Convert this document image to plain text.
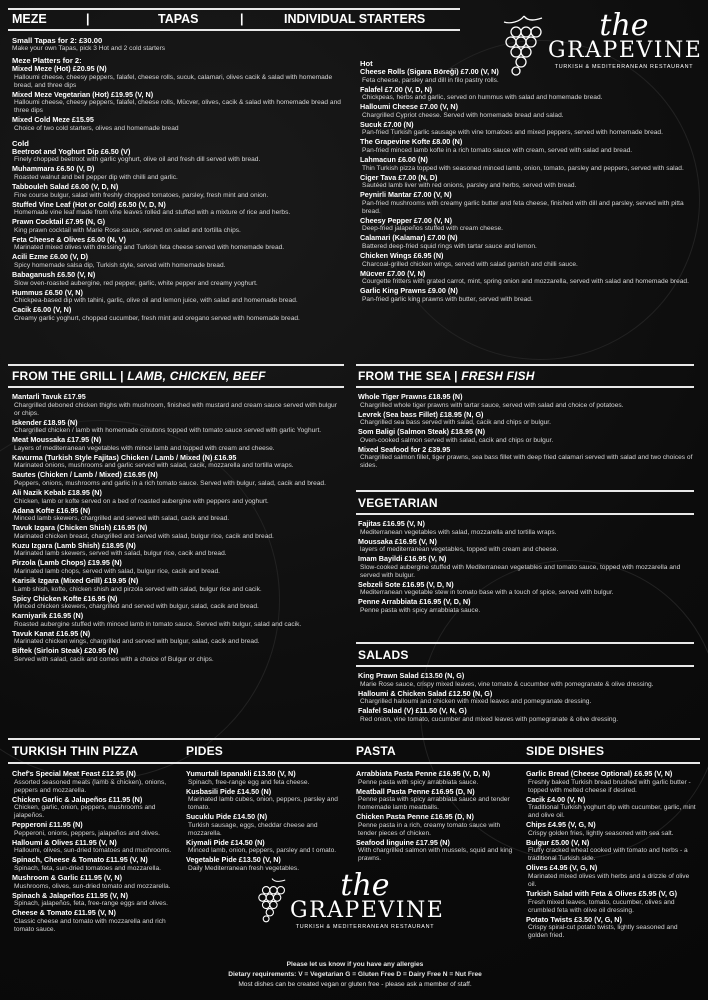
MEZE	|	TAPAS	|	INDIVIDUAL STARTERS	the
GRAPEVINE
TURKISH & MEDITERRANEAN RESTAURANT
Small Tapas for 2: £30.00
Make your own Tapas, pick 3 Hot and 2 cold starters
Meze Platters for 2:
Mixed Meze (Hot) £20.95 (N)
Halloumi cheese, cheesy peppers, falafel, cheese rolls, sucuk, calamari, olives cacik & salad with homemade bread, and three dips
Mixed Meze Vegetarian (Hot) £19.95 (V, N)
Halloumi cheese, cheesy peppers, falafel, cheese rolls, Mücver, olives, cacik & salad with homemade bread and three dips
Mixed Cold Meze £15.95
Choice of two cold starters, olives and homemade bread
Cold
Beetroot and Yoghurt Dip £6.50 (V)
Finely chopped beetroot with garlic yoghurt, olive oil and fresh dill served with bread.
Muhammara £6.50 (V, D)
Roasted walnut and bell pepper dip with chilli and garlic.
Tabbouleh Salad £6.00 (V, D, N)
Fine course bulgur, salad with freshly chopped tomatoes, parsley, fresh mint and onion.
Stuffed Vine Leaf (Hot or Cold) £6.50 (V, D, N)
Homemade vine leaf made from vine leaves rolled and stuffed with a mixture of rice and herbs.
Prawn Cocktail £7.95 (N, G)
King prawn cocktail with Marie Rose sauce, served on salad and tortilla chips.
Feta Cheese & Olives £6.00 (N, V)
Marinated mixed olives with dressing and Turkish feta cheese served with homemade bread.
Acili Ezme £6.00 (V, D)
Spicy homemade salsa dip, Turkish style, served with homemade bread.
Babaganush £6.50 (V, N)
Slow oven-roasted aubergine, red pepper, garlic, white pepper and creamy yoghurt.
Hummus £6.50 (V, N)
Chickpea-based dip with tahini, garlic, olive oil and lemon juice, with salad and homemade bread.
Cacik £6.00 (V, N)
Creamy garlic yoghurt, chopped cucumber, fresh mint and oregano served with homemade bread.
Hot
Cheese Rolls (Sigara Böreği) £7.00 (V, N)
Feta cheese, parsley and dill in filo pastry rolls.
Falafel £7.00 (V, D, N)
Chickpeas, herbs and garlic, served on hummus with salad and homemade bread.
Halloumi Cheese £7.00 (V, N)
Chargrilled Cypriot cheese. Served with homemade bread and salad.
Sucuk £7.00 (N)
Pan-fried Turkish garlic sausage with vine tomatoes and mixed peppers, served with homemade bread.
The Grapevine Kofte £8.00 (N)
Pan-fried minced lamb kofte in a rich tomato sauce with cream, served with salad and bread.
Lahmacun £6.00 (N)
Thin Turkish pizza topped with seasoned minced lamb, onion, tomato, parsley and peppers, served with salad.
Ciger Tava £7.00 (N, D)
Sautéed lamb liver with red onions, parsley and herbs, served with bread.
Peynirli Mantar £7.00 (V, N)
Pan-fried mushrooms with creamy garlic butter and feta cheese, finished with dill and parsley, served with pitta bread.
Cheesy Pepper £7.00 (V, N)
Deep-fried jalapeños stuffed with cream cheese.
Calamari (Kalamar) £7.00 (N)
Battered deep-fried squid rings with tartar sauce and lemon.
Chicken Wings £6.95 (N)
Charcoal-grilled chicken wings, served with salad garnish and chilli sauce.
Mücver £7.00 (V, N)
Courgette fritters with grated carrot, mint, spring onion and mozzarella, served with salad and homemade bread.
Garlic King Prawns £9.00 (N)
Pan-fried garlic king prawns with butter, served with bread.
FROM THE GRILL | LAMB, CHICKEN, BEEF
Mantarli Tavuk £17.95
Chargrilled deboned chicken thighs with mushroom, finished with mustard and cream sauce served with bulgur or chips.
Iskender £18.95 (N)
Chargrilled chicken / lamb with homemade croutons topped with tomato sauce served with garlic Yoghurt.
Meat Moussaka £17.95 (N)
Layers of mediterranean vegetables with mince lamb and topped with cream and cheese.
Kavurma (Turkish Style Fajitas) Chicken / Lamb / Mixed (N) £16.95
Marinated onions, mushrooms and garlic served with salad, cacik, mozzarella and tortilla wraps.
Sautes (Chicken / Lamb / Mixed) £16.95 (N)
Peppers, onions, mushrooms and garlic in a rich tomato sauce. Served with bulgur, salad, cacik and bread.
Ali Nazik Kebab £18.95 (N)
Chicken, lamb or kofte served on a bed of roasted aubergine with peppers and yoghurt.
Adana Kofte £16.95 (N)
Minced lamb skewers, chargrilled and served with salad, cacik and bread.
Tavuk Izgara (Chicken Shish) £16.95 (N)
Marinated chicken breast, chargrilled and served with salad, bulgur rice, cacik and bread.
Kuzu Izgara (Lamb Shish) £18.95 (N)
Marinated lamb skewers, served with salad, bulgur rice, cacik and bread.
Pirzola (Lamb Chops) £19.95 (N)
Marinated lamb chops, served with salad, bulgur rice, cacik and bread.
Karisik Izgara (Mixed Grill) £19.95 (N)
Lamb shish, kofte, chicken shish and pirzola served with salad, bulgur rice and cacik.
Spicy Chicken Kofte £16.95 (N)
Minced chicken skewers, chargrilled and served with bulgur, salad, cacik and bread.
Karniyarik £16.95 (N)
Roasted aubergine stuffed with minced lamb in tomato sauce. Served with bulgur, salad and cacik.
Tavuk Kanat £16.95 (N)
Marinated chicken wings, chargrilled and served with bulgur, salad, cacik and bread.
Biftek (Sirloin Steak) £20.95 (N)
Served with salad, cacik and comes with a choice of Bulgur or chips.
FROM THE SEA | FRESH FISH
Whole Tiger Prawns £18.95 (N)
Chargrilled whole tiger prawns with tartar sauce, served with salad and choice of potatoes.
Levrek (Sea bass Fillet) £18.95 (N, G)
Chargrilled sea bass served with salad, cacik and chips or bulgur.
Som Baligi (Salmon Steak) £18.95 (N)
Oven-cooked salmon served with salad, cacik and chips or bulgur.
Mixed Seafood for 2 £39.95
Chargrilled salmon fillet, tiger prawns, sea bass fillet with deep fried calamari served with salad and two choices of sides.
VEGETARIAN
Fajitas £16.95 (V, N)
Mediterranean vegetables with salad, mozzarella and tortilla wraps.
Moussaka £16.95 (V, N)
layers of mediterranean vegetables, topped with cream and cheese.
Imam Bayildi £16.95 (V, N)
Slow-cooked aubergine stuffed with Mediterranean vegetables and tomato sauce, topped with mozzarella and served with bulgur.
Sebzeli Sote £16.95 (V, D, N)
Mediterranean vegetable stew in tomato base with a touch of spice, served with bulgur.
Penne Arrabbiata £16.95 (V, D, N)
Penne pasta with spicy arrabbiata sauce.
SALADS
King Prawn Salad £13.50 (N, G)
Marie Rose sauce, crispy mixed leaves, vine tomato & cucumber with pomegranate & olive dressing.
Halloumi & Chicken Salad £12.50 (N, G)
Chargrilled halloumi and chicken with mixed leaves and pomegranate dressing.
Falafel Salad (V) £11.50 (V, N, G)
Red onion, vine tomato, cucumber and mixed leaves with pomegranate & olive dressing.
TURKISH THIN PIZZA
Chef's Special Meat Feast £12.95 (N)
Assorted seasoned meats (lamb & chicken), onions, peppers and mozzarella.
Chicken Garlic & Jalapeños £11.95 (N)
Chicken, garlic, onion, peppers, mushrooms and jalapeños.
Pepperoni £11.95 (N)
Pepperoni, onions, peppers, jalapeños and olives.
Halloumi & Olives £11.95 (V, N)
Halloumi, olives, sun-dried tomatoes and mushrooms.
Spinach, Cheese & Tomato £11.95 (V, N)
Spinach, feta, sun-dried tomatoes and mozzarella.
Mushroom & Garlic £11.95 (V, N)
Mushrooms, olives, sun-dried tomato and mozzarella.
Spinach & Jalapeños £11.95 (V, N)
Spinach, jalapeños, feta, free-range eggs and olives.
Cheese & Tomato £11.95 (V, N)
Classic cheese and tomato with mozzarella and rich tomato sauce.
PIDES
Yumurtali Ispanakli £13.50 (V, N)
Spinach, free-range egg and feta cheese.
Kusbasili Pide £14.50 (N)
Marinated lamb cubes, onion, peppers, parsley and tomato.
Sucuklu Pide £14.50 (N)
Turkish sausage, eggs, cheddar cheese and mozzarella.
Kiymali Pide £14.50 (N)
Minced lamb, onion, peppers, parsley and t omato.
Vegetable Pide £13.50 (V, N)
Daily Mediterranean fresh vegetables.
PASTA
Arrabbiata Pasta Penne £16.95 (V, D, N)
Penne pasta with spicy arrabbiata sauce.
Meatball Pasta Penne £16.95 (D, N)
Penne pasta with spicy arrabbiata sauce and tender homemade lamb meatballs.
Chicken Pasta Penne £16.95 (D, N)
Penne pasta in a rich, creamy tomato sauce with tender pieces of chicken.
Seafood linguine £17.95 (N)
With chargrilled salmon with mussels, squid and king prawns.
SIDE DISHES
Garlic Bread (Cheese Optional) £6.95 (V, N)
Freshly baked Turkish bread brushed with garlic butter - topped with melted cheese if desired.
Cacik £4.00 (V, N)
Traditional Turkish yoghurt dip with cucumber, garlic, mint and olive oil.
Chips £4.95 (V, G, N)
Crispy golden fries, lightly seasoned with sea salt.
Bulgur £5.00 (V, N)
Fluffy cracked wheat cooked with tomato and herbs - a traditional Turkish side.
Olives £4.95 (V, G, N)
Marinated mixed olives with herbs and a drizzle of olive oil.
Turkish Salad with Feta & Olives £5.95 (V, G)
Fresh mixed leaves, tomato, cucumber, olives and crumbled feta with olive oil dressing.
Potato Twists £3.50 (V, G, N)
Crispy spiral-cut potato twists, lightly seasoned and golden fried.
the
GRAPEVINE
TURKISH & MEDITERRANEAN RESTAURANT
Please let us know if you have any allergies
Dietary requirements: V = Vegetarian G = Gluten Free D = Dairy Free N = Nut Free
Most dishes can be created vegan or gluten free - please ask a member of staff.
